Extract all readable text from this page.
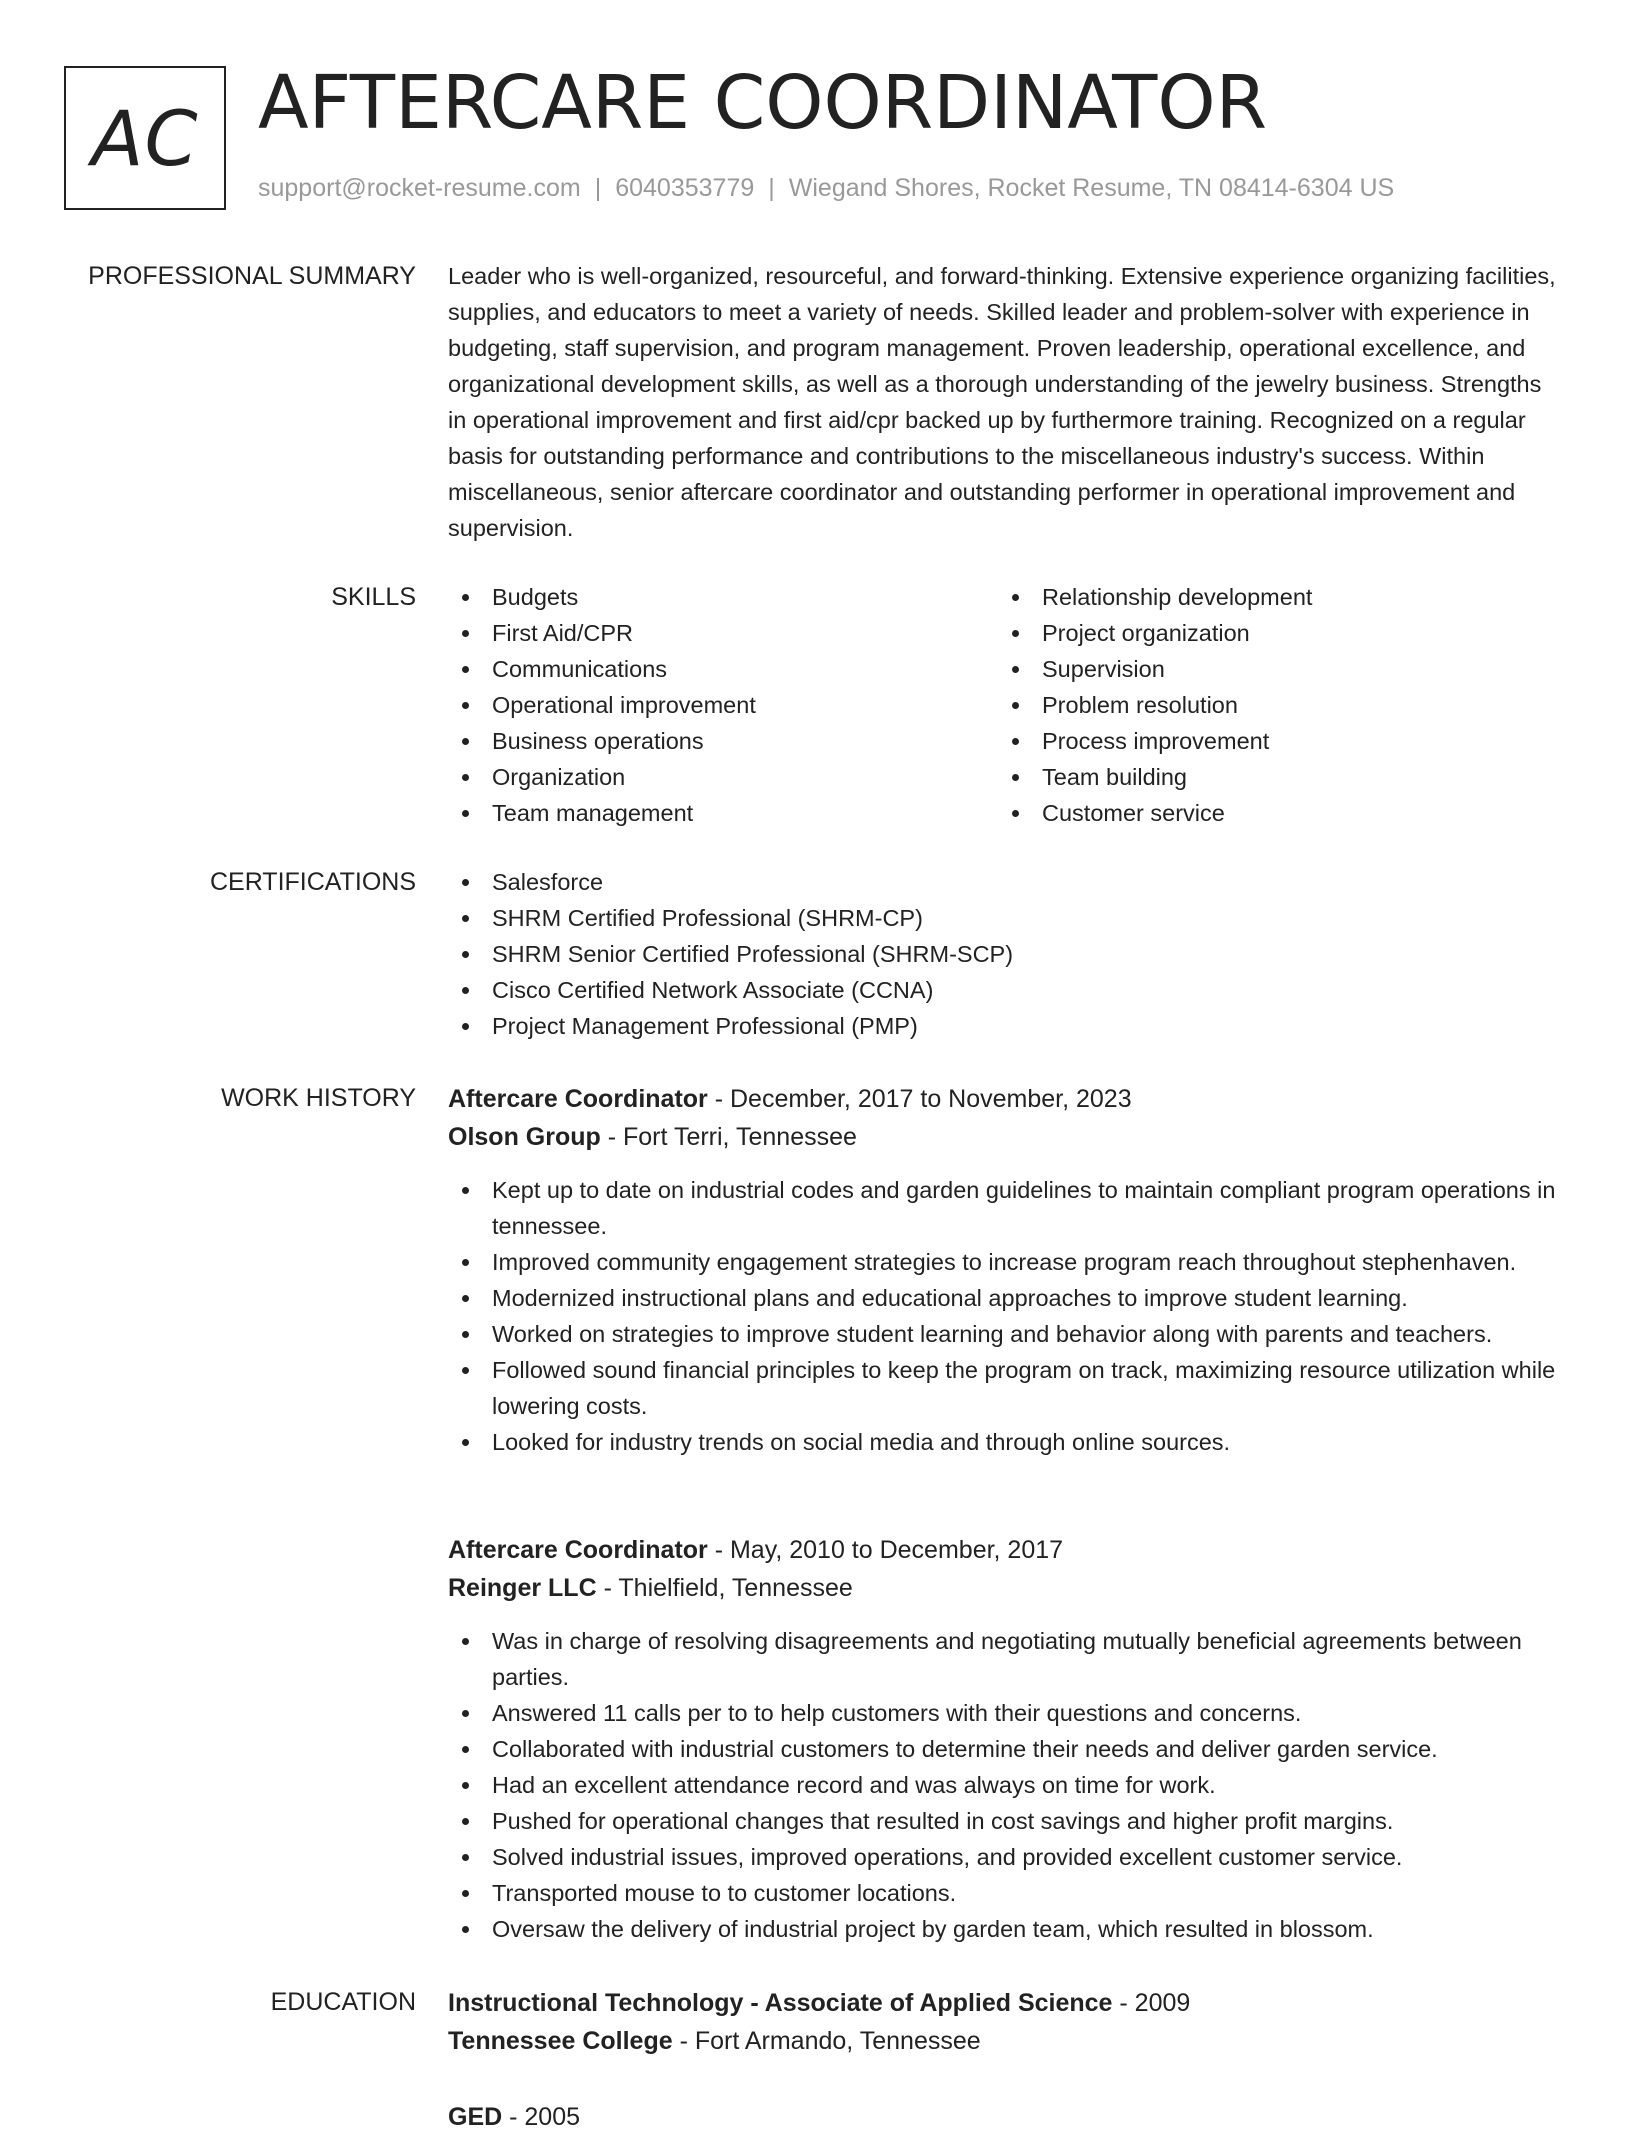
AC AFTERCARE COORDINATOR
support@rocket-resume.com | 6040353779 | Wiegand Shores, Rocket Resume, TN 08414-6304 US
PROFESSIONAL SUMMARY Leader who is well-organized, resourceful, and forward-thinking. Extensive experience organizing facilities, supplies, and educators to meet a variety of needs. Skilled leader and problem-solver with experience in budgeting, staff supervision, and program management. Proven leadership, operational excellence, and organizational development skills, as well as a thorough understanding of the jewelry business. Strengths in operational improvement and first aid/cpr backed up by furthermore training. Recognized on a regular basis for outstanding performance and contributions to the miscellaneous industry's success. Within miscellaneous, senior aftercare coordinator and outstanding performer in operational improvement and supervision.

SKILLS	Budgets
First Aid/CPR
Communications
Operational improvement
Business operations
Organization
Team management
Relationship development
Project organization
Supervision
Problem resolution
Process improvement
Team building
Customer service
CERTIFICATIONS	Salesforce
SHRM Certified Professional (SHRM-CP)
SHRM Senior Certified Professional (SHRM-SCP)
Cisco Certified Network Associate (CCNA)
Project Management Professional (PMP)
WORK HISTORY Aftercare Coordinator - December, 2017 to November, 2023
Olson Group - Fort Terri, Tennessee
Kept up to date on industrial codes and garden guidelines to maintain compliant program operations in tennessee.
Improved community engagement strategies to increase program reach throughout stephenhaven.
Modernized instructional plans and educational approaches to improve student learning.
Worked on strategies to improve student learning and behavior along with parents and teachers.
Followed sound financial principles to keep the program on track, maximizing resource utilization while lowering costs.
Looked for industry trends on social media and through online sources.
Aftercare Coordinator - May, 2010 to December, 2017
Reinger LLC - Thielfield, Tennessee
Was in charge of resolving disagreements and negotiating mutually beneficial agreements between parties.
Answered 11 calls per to to help customers with their questions and concerns.
Collaborated with industrial customers to determine their needs and deliver garden service.
Had an excellent attendance record and was always on time for work.
Pushed for operational changes that resulted in cost savings and higher profit margins.
Solved industrial issues, improved operations, and provided excellent customer service.
Transported mouse to to customer locations.
Oversaw the delivery of industrial project by garden team, which resulted in blossom.
EDUCATION Instructional Technology - Associate of Applied Science - 2009
Tennessee College - Fort Armando, Tennessee
GED - 2005
